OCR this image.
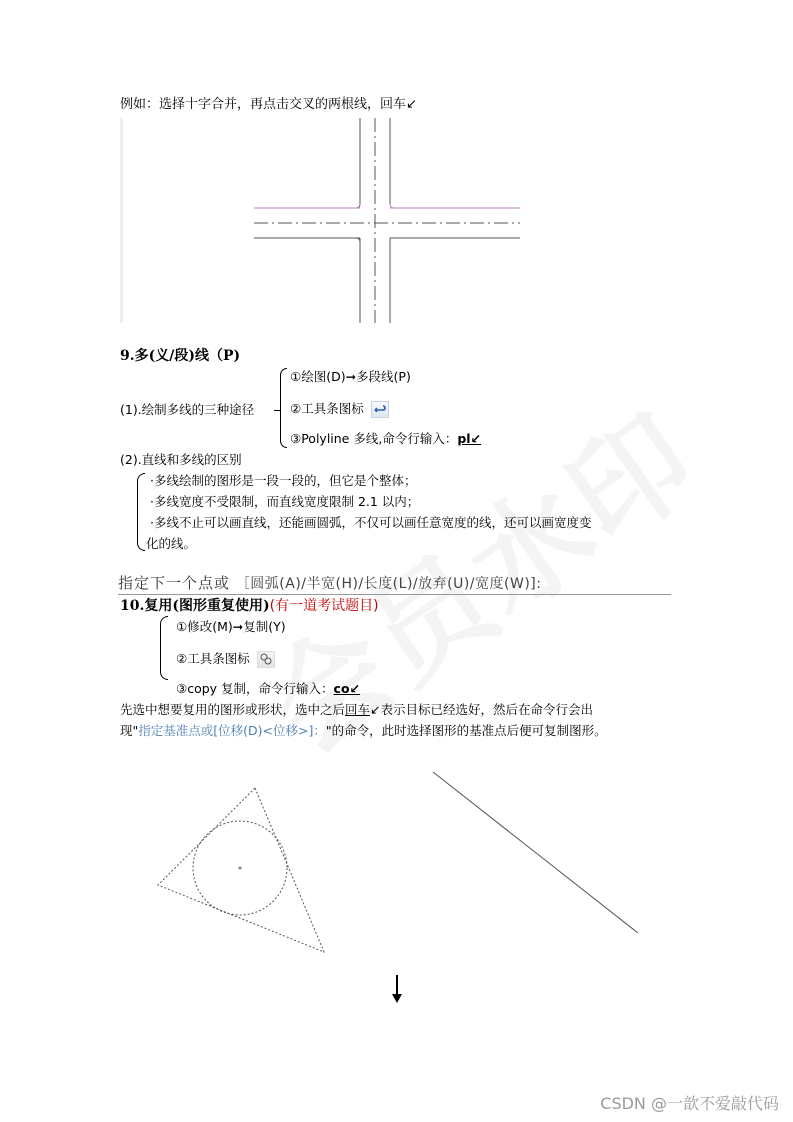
例如：选择十字合并，再点击交叉的两根线，回车↙
9.多(义/段)线（P)
(1).绘制多线的三种途径
①绘图(D)➞多段线(P)
②工具条图标
③Polyline 多线,命令行输入：pl↙
(2).直线和多线的区别
·多线绘制的图形是一段一段的，但它是个整体；
·多线宽度不受限制，而直线宽度限制 2.1 以内；
·多线不止可以画直线，还能画圆弧，不仅可以画任意宽度的线，还可以画宽度变
化的线。
指定下一个点或 ［圆弧(A)/半宽(H)/长度(L)/放弃(U)/宽度(W)]:
10.复用(图形重复使用)(有一道考试题目)
①修改(M)➞复制(Y)
②工具条图标
③copy 复制，命令行输入：co↙
先选中想要复用的图形或形状，选中之后回车↙表示目标已经选好，然后在命令行会出
现"指定基准点或[位移(D)<位移>]："的命令，此时选择图形的基准点后便可复制图形。
CSDN @一歆不爱敲代码
